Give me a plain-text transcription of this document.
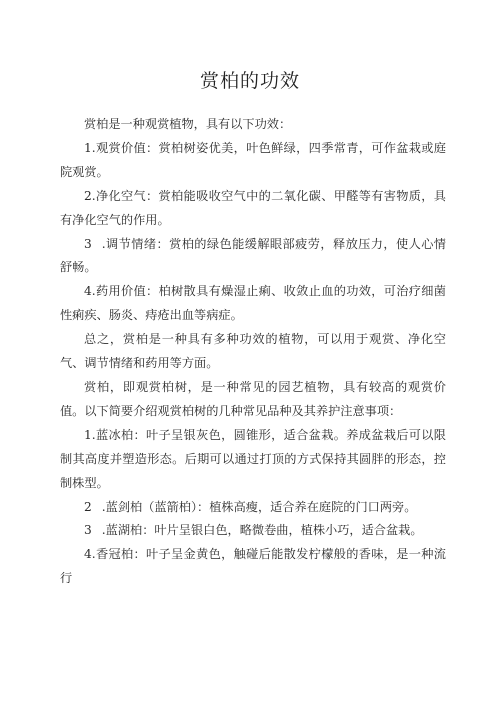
赏柏的功效

赏柏是一种观赏植物，具有以下功效：

1.观赏价值：赏柏树姿优美，叶色鲜绿，四季常青，可作盆栽或庭院观赏。

2.净化空气：赏柏能吸收空气中的二氧化碳、甲醛等有害物质，具有净化空气的作用。

3 .调节情绪：赏柏的绿色能缓解眼部疲劳，释放压力，使人心情舒畅。

4.药用价值：柏树散具有燥湿止痢、收敛止血的功效，可治疗细菌性痢疾、肠炎、痔疮出血等病症。

总之，赏柏是一种具有多种功效的植物，可以用于观赏、净化空气、调节情绪和药用等方面。

赏柏，即观赏柏树，是一种常见的园艺植物，具有较高的观赏价值。以下简要介绍观赏柏树的几种常见品种及其养护注意事项：

1.蓝冰柏：叶子呈银灰色，圆锥形，适合盆栽。养成盆栽后可以限制其高度并塑造形态。后期可以通过打顶的方式保持其圆胖的形态，控制株型。

2 .蓝剑柏（蓝箭柏）：植株高瘦，适合养在庭院的门口两旁。

3 .蓝湖柏：叶片呈银白色，略微卷曲，植株小巧，适合盆栽。

4.香冠柏：叶子呈金黄色，触碰后能散发柠檬般的香味，是一种流行
